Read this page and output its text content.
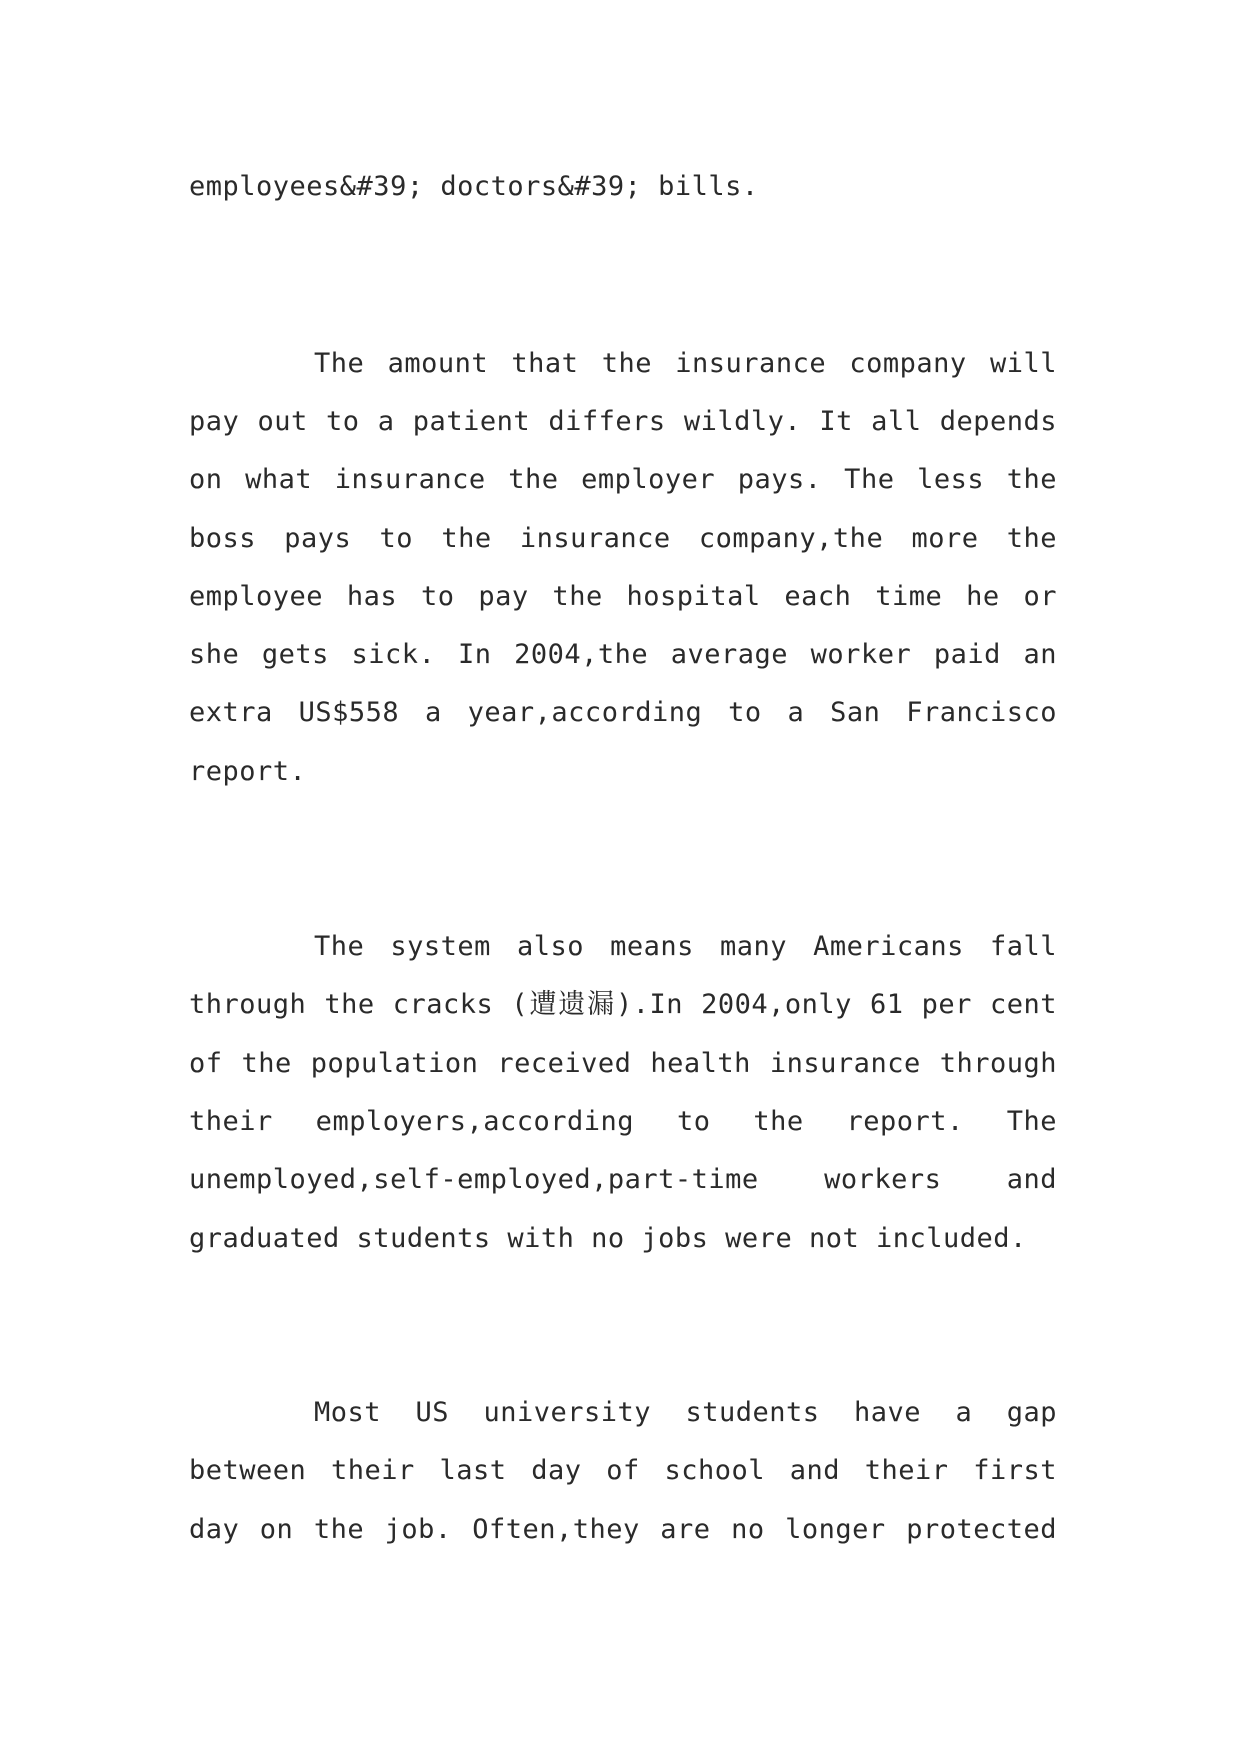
employees&#39; doctors&#39; bills.

The amount that the insurance company will

pay out to a patient differs wildly. It all depends

on what insurance the employer pays. The less the

boss pays to the insurance company,the more the

employee has to pay the hospital each time he or

she gets sick. In 2004,the average worker paid an

extra US$558 a year,according to a San Francisco

report.

The system also means many Americans fall

through the cracks (遭遗漏).In 2004,only 61 per cent

of the population received health insurance through

their employers,according to the report. The

unemployed,self-employed,part-time workers and

graduated students with no jobs were not included.

Most US university students have a gap

between their last day of school and their first

day on the job. Often,they are no longer protected
